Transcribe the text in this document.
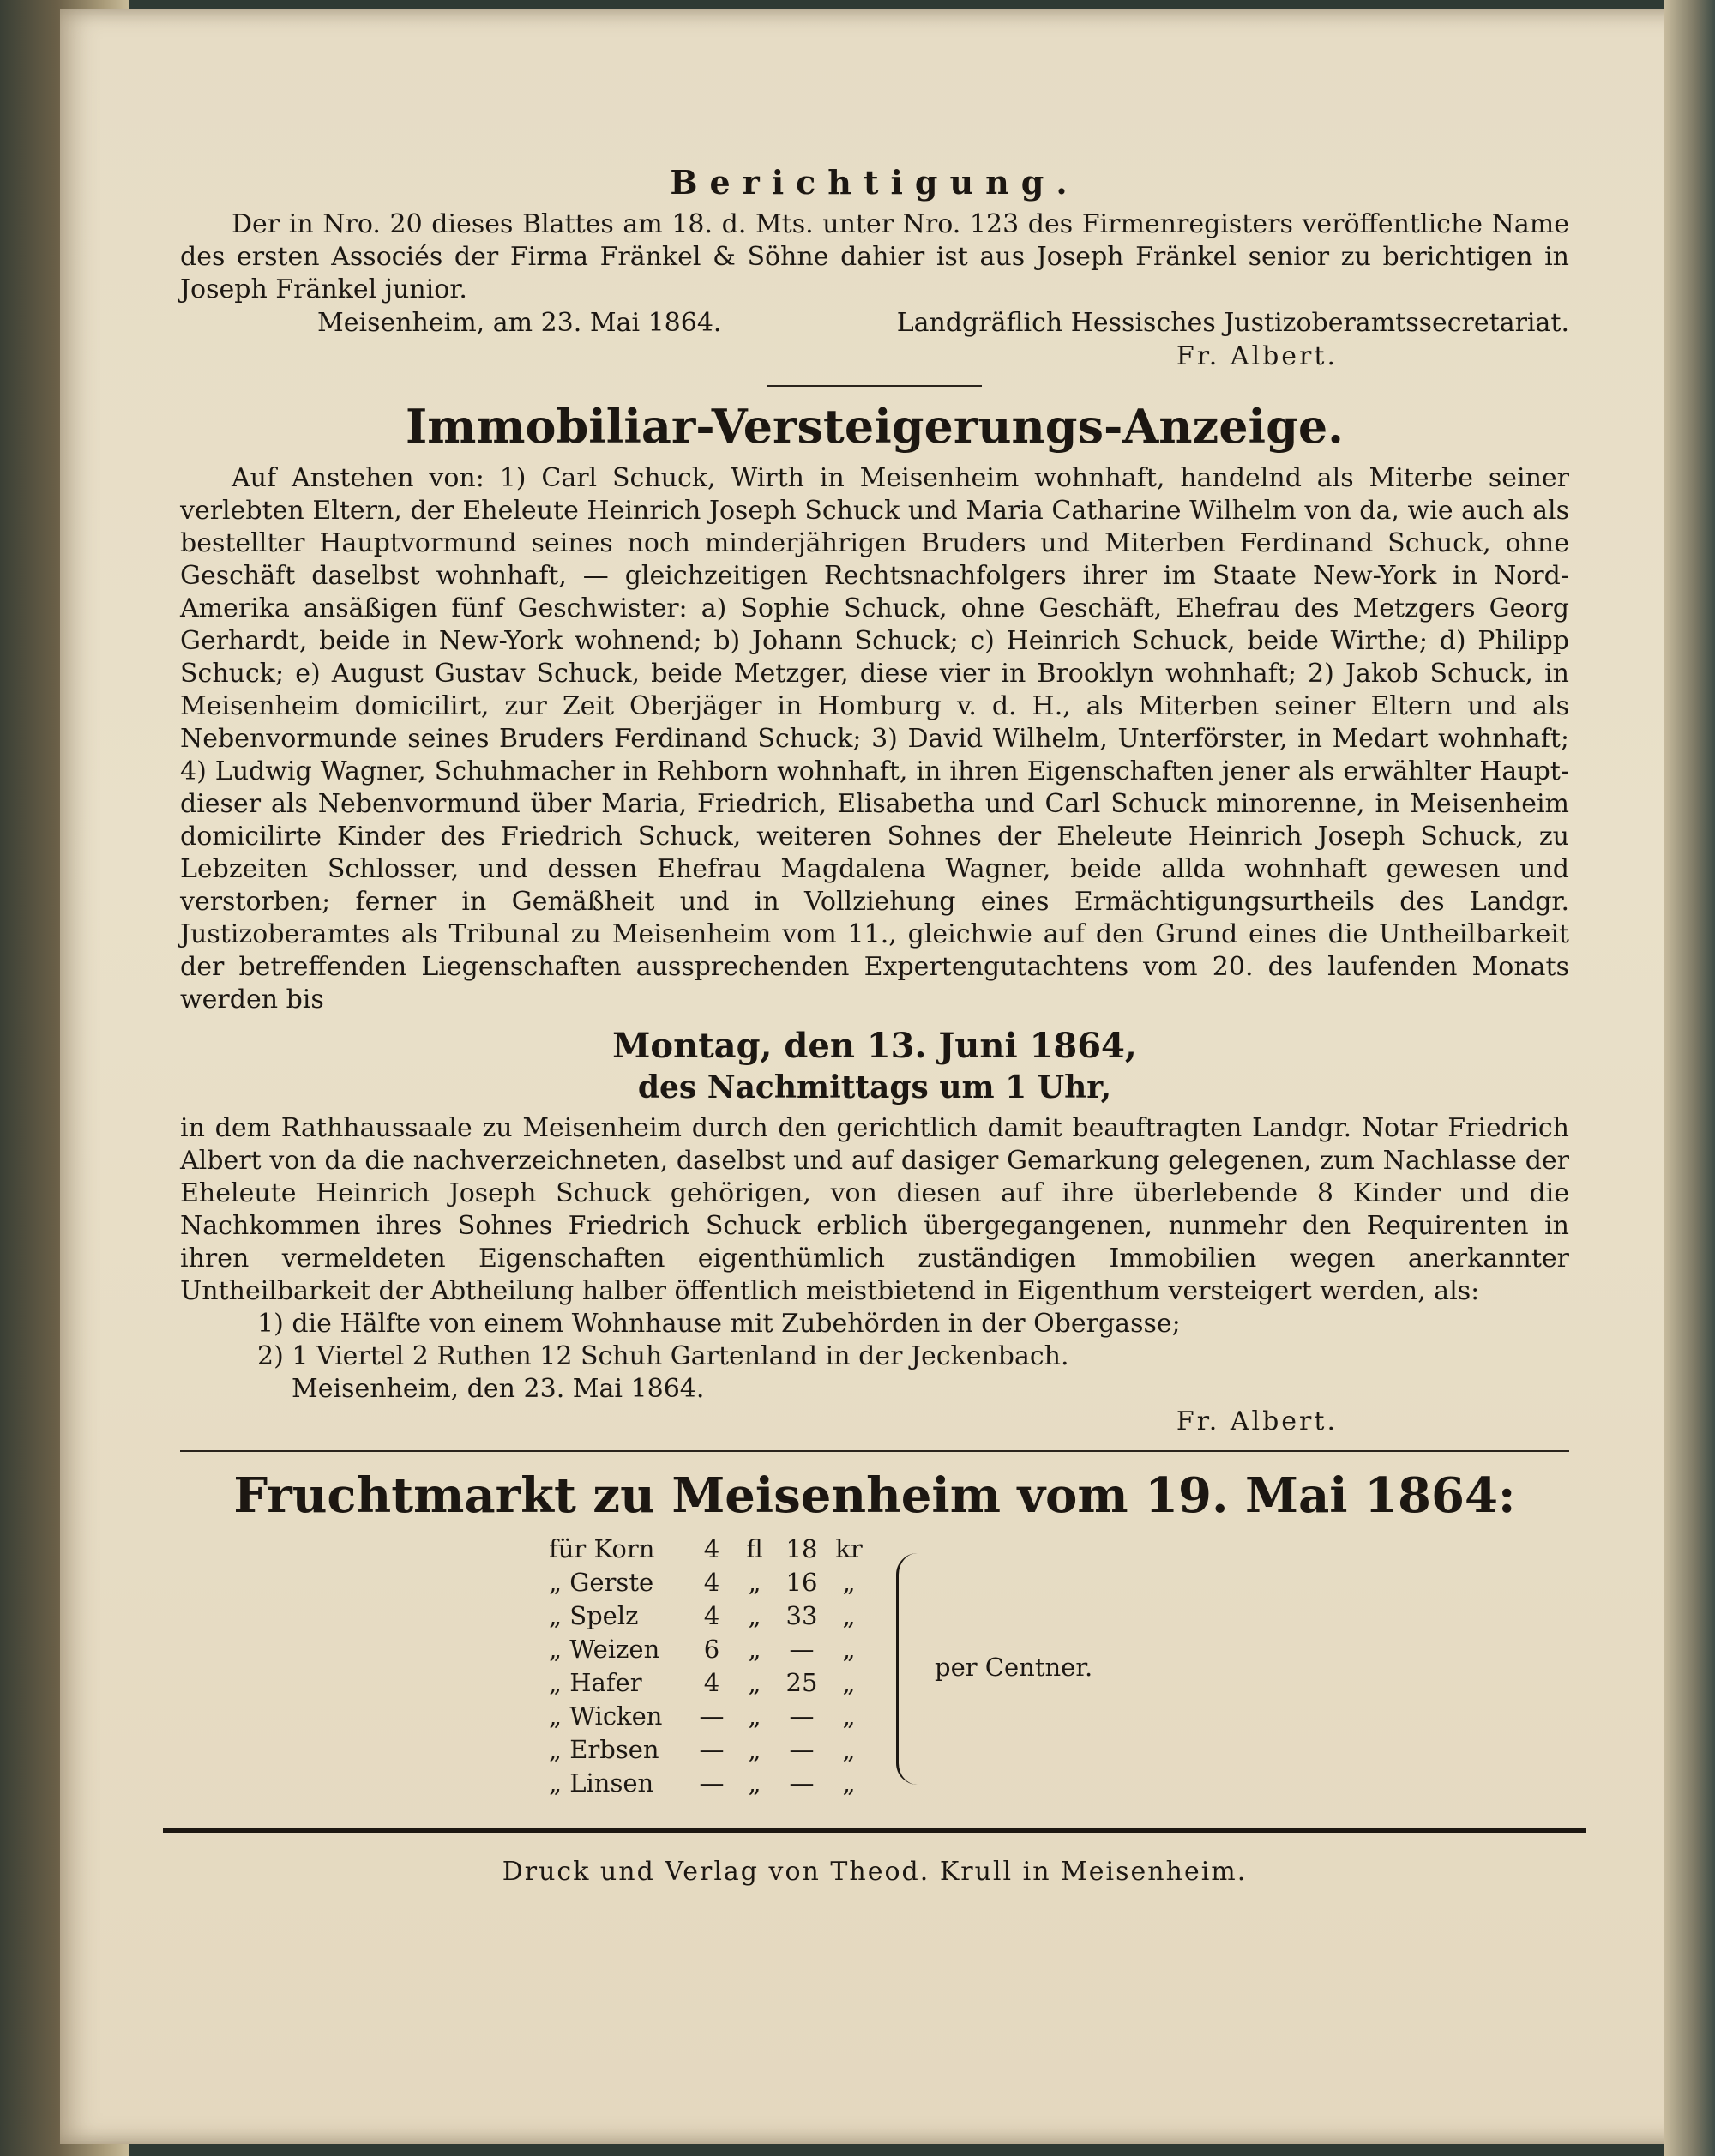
Berichtigung.

Der in Nro. 20 dieses Blattes am 18. d. Mts. unter Nro. 123 des Firmenregisters veröffentliche Name des ersten Associés der Firma Fränkel & Söhne dahier ist aus Joseph Fränkel senior zu berichtigen in Joseph Fränkel junior.

Meisenheim, am 23. Mai 1864.	Landgräflich Hessisches Justizoberamtssecretariat.
Fr. Albert.
Immobiliar-Versteigerungs-Anzeige.

Auf Anstehen von: 1) Carl Schuck, Wirth in Meisenheim wohnhaft, handelnd als Miterbe seiner verlebten Eltern, der Eheleute Heinrich Joseph Schuck und Maria Catharine Wilhelm von da, wie auch als bestellter Hauptvormund seines noch minderjährigen Bruders und Miterben Ferdinand Schuck, ohne Geschäft daselbst wohnhaft, — gleichzeitigen Rechtsnachfolgers ihrer im Staate New-York in Nord-Amerika ansäßigen fünf Geschwister: a) Sophie Schuck, ohne Geschäft, Ehefrau des Metzgers Georg Gerhardt, beide in New-York wohnend; b) Johann Schuck; c) Heinrich Schuck, beide Wirthe; d) Philipp Schuck; e) August Gustav Schuck, beide Metzger, diese vier in Brooklyn wohnhaft; 2) Jakob Schuck, in Meisenheim domicilirt, zur Zeit Oberjäger in Homburg v. d. H., als Miterben seiner Eltern und als Nebenvormunde seines Bruders Ferdinand Schuck; 3) David Wilhelm, Unterförster, in Medart wohnhaft; 4) Ludwig Wagner, Schuhmacher in Rehborn wohnhaft, in ihren Eigenschaften jener als erwählter Haupt- dieser als Nebenvormund über Maria, Friedrich, Elisabetha und Carl Schuck minorenne, in Meisenheim domicilirte Kinder des Friedrich Schuck, weiteren Sohnes der Eheleute Heinrich Joseph Schuck, zu Lebzeiten Schlosser, und dessen Ehefrau Magdalena Wagner, beide allda wohnhaft gewesen und verstorben; ferner in Gemäßheit und in Vollziehung eines Ermächtigungsurtheils des Landgr. Justizoberamtes als Tribunal zu Meisenheim vom 11., gleichwie auf den Grund eines die Untheilbarkeit der betreffenden Liegenschaften aussprechenden Expertengutachtens vom 20. des laufenden Monats werden bis

Montag, den 13. Juni 1864,
des Nachmittags um 1 Uhr,

in dem Rathhaussaale zu Meisenheim durch den gerichtlich damit beauftragten Landgr. Notar Friedrich Albert von da die nachverzeichneten, daselbst und auf dasiger Gemarkung gelegenen, zum Nachlasse der Eheleute Heinrich Joseph Schuck gehörigen, von diesen auf ihre überlebende 8 Kinder und die Nachkommen ihres Sohnes Friedrich Schuck erblich übergegangenen, nunmehr den Requirenten in ihren vermeldeten Eigenschaften eigenthümlich zuständigen Immobilien wegen anerkannter Untheilbarkeit der Abtheilung halber öffentlich meistbietend in Eigenthum versteigert werden, als:

1) die Hälfte von einem Wohnhause mit Zubehörden in der Obergasse;

2) 1 Viertel 2 Ruthen 12 Schuh Gartenland in der Jeckenbach.

Meisenheim, den 23. Mai 1864.

Fr. Albert.
Fruchtmarkt zu Meisenheim vom 19. Mai 1864:
für Korn	4	fl 18 kr
„ Gerste	4	„	16	„
„ Spelz	4	„	33	„
„ Weizen	6	„	—	„
„ Hafer	4	„	25	„
„ Wicken	— „	—	„
„ Erbsen	— „	—	„
„ Linsen	— „	—	„
per Centner.
Druck und Verlag von Theod. Krull in Meisenheim.
